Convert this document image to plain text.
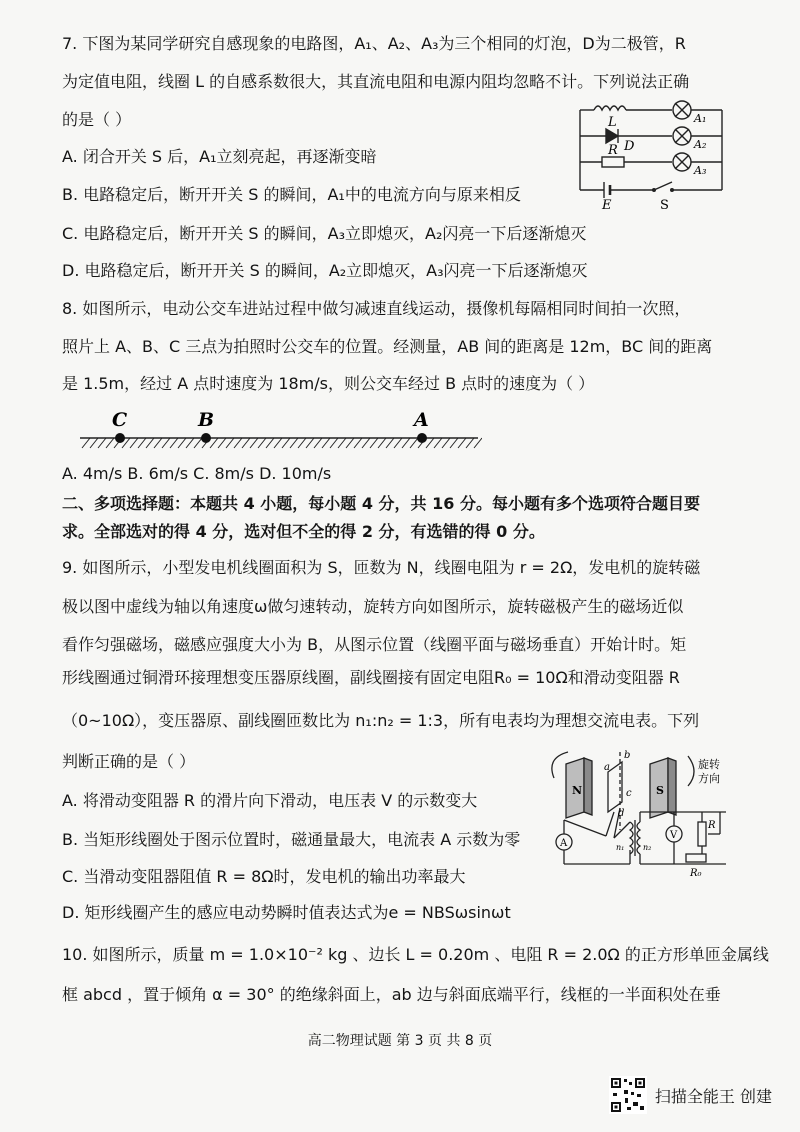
7. 下图为某同学研究自感现象的电路图，A₁、A₂、A₃为三个相同的灯泡，D为二极管，R
为定值电阻，线圈 L 的自感系数很大，其直流电阻和电源内阻均忽略不计。下列说法正确
的是（ ）
A. 闭合开关 S 后，A₁立刻亮起，再逐渐变暗
B. 电路稳定后，断开开关 S 的瞬间，A₁中的电流方向与原来相反
C. 电路稳定后，断开开关 S 的瞬间，A₃立即熄灭，A₂闪亮一下后逐渐熄灭
D. 电路稳定后，断开开关 S 的瞬间，A₂立即熄灭，A₃闪亮一下后逐渐熄灭
L
D
R
E	S
A₁
A₂
A₃
8. 如图所示，电动公交车进站过程中做匀减速直线运动，摄像机每隔相同时间拍一次照，
照片上 A、B、C 三点为拍照时公交车的位置。经测量，AB 间的距离是 12m，BC 间的距离
是 1.5m，经过 A 点时速度为 18m/s，则公交车经过 B 点时的速度为（ ）
C	B	A
A. 4m/s B. 6m/s C. 8m/s D. 10m/s
二、多项选择题：本题共 4 小题，每小题 4 分，共 16 分。每小题有多个选项符合题目要
求。全部选对的得 4 分，选对但不全的得 2 分，有选错的得 0 分。
9. 如图所示，小型发电机线圈面积为 S，匝数为 N，线圈电阻为 r = 2Ω，发电机的旋转磁
极以图中虚线为轴以角速度ω做匀速转动，旋转方向如图所示，旋转磁极产生的磁场近似
看作匀强磁场，磁感应强度大小为 B，从图示位置（线圈平面与磁场垂直）开始计时。矩
形线圈通过铜滑环接理想变压器原线圈，副线圈接有固定电阻R₀ = 10Ω和滑动变阻器 R
（0~10Ω），变压器原、副线圈匝数比为 n₁:n₂ = 1:3，所有电表均为理想交流电表。下列
判断正确的是（ ）
A. 将滑动变阻器 R 的滑片向下滑动，电压表 V 的示数变大
B. 当矩形线圈处于图示位置时，磁通量最大，电流表 A 示数为零
C. 当滑动变阻器阻值 R = 8Ω时，发电机的输出功率最大
D. 矩形线圈产生的感应电动势瞬时值表达式为e = NBSωsinωt
N	S
a
b
c
d
旋转
方向
A
V
R
R₀
n₁ n₂
10. 如图所示，质量 m = 1.0×10⁻² kg 、边长 L = 0.20m 、电阻 R = 2.0Ω 的正方形单匝金属线
框 abcd ，置于倾角 α = 30° 的绝缘斜面上，ab 边与斜面底端平行，线框的一半面积处在垂
高二物理试题 第 3 页 共 8 页
扫描全能王 创建
